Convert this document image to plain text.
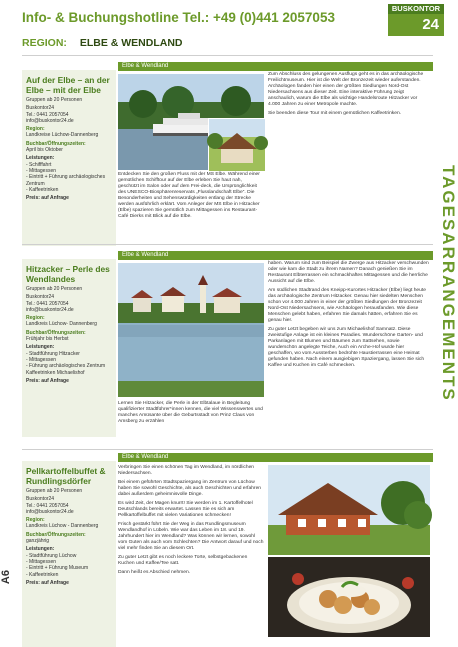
Info- & Buchungshotline Tel.: +49 (0)441 2057053
REGION: ELBE & WENDLAND
BUSKONTOR
24
TAGESARRANGEMENTS
A6
Auf der Elbe – an der Elbe – mit der Elbe
Gruppen ab 20 Personen
Buskontor24
Tel.: 0441 2057054
info@buskontor24.de
Region:
Landkreise Lüchow-Dannenberg
Buchbar/Öffnungszeiten:
April bis Oktober
Leistungen:
- Schifffahrt
- Mittagessen
- Eintritt + Führung archäologisches Zentrum
- Kaffeetrinken
Preis: auf Anfrage
Elbe & Wendland
Entdecken Sie den großen Fluss mit der MS Elbe. Während einer gemütlichen Schifftour auf der Elbe erleben Sie haut nah, geschützt im Salon oder auf dem Frei-deck, die Ursprünglichkeit des UNESCO-Biosphärenreservats „Flusslandschaft Elbe“. Die Besonderheiten und Sehenswürdigkeiten entlang der Strecke werden ausführlich erklärt. Vom Anleger der MS Elbe in Hitzacker (Elbe) spazieren Sie gemütlich zum Mittagessen ins Restaurant-Café Dierks mit Blick auf die Elbe.
Zum Abschluss des gelungenen Ausflugs geht es in das archäologische Freilichtmuseum. Hier ist die Welt der Bronzezeit wieder auferstanden. Archäologen fanden hier einen der größten Siedlungen Nord-Ost Niedersachsens aus dieser Zeit. Eine interaktive Führung zeigt anschaulich, warum die Elbe als wichtige Handelsroute Hitzacker vor 4.000 Jahren zu einer Metropole machte.
Sie beenden diese Tour mit einem gemütlichen Kaffeetrinken.
Hitzacker – Perle des Wendlandes
Gruppen ab 20 Personen
Buskontor24
Tel.: 0441 2057054
info@buskontor24.de
Region:
Landkreis Lüchow- Dannenberg
Buchbar/Öffnungszeiten:
Frühjahr bis Herbst
Leistungen:
- Stadtführung Hitzacker
- Mittagessen
- Führung archäologisches Zentrum
Kaffeetrinken Michaelishof
Preis: auf Anfrage
Elbe & Wendland
Lernen Sie Hitzacker, die Perle in der Elbtalaue in Begleitung qualifizierter Stadtführer*innen kennen, die viel Wissenswertes und manches Amüsante über die Geburtsstadt von Prinz Claus von Amsberg zu erzählen
haben. Warum sind zum Beispiel die Zwerge aus Hitzacker verschwunden oder wie kam die Stadt zu ihrem Namen? Danach genießen Sie im Restaurant Elbterrassen ein schmackhaftes Mittagessen und die herrliche Aussicht auf die Elbe.
Am südlichen Stadtrand des Kneipp-Kurortes Hitzacker (Elbe) liegt heute das archäologische Zentrum Hitzacker. Genau hier siedelten Menschen schon vor 4.000 Jahren in einer der größten Siedlungen der Bronzezeit Nord-Ost Niedersachsens, wie Archäologen herausfanden. Wie diese Menschen gelebt haben, erfahren Sie damals hätten, erfahren Sie es genau hier.
Zu guter Letzt begeben wir uns zum Michaelishof Samnatz. Diese zweistufige Anlage ist ein kleines Paradies. Wunderschöne Garten- und Parkanlagen mit Blumen und Bäumen zum Sattsehen, sowie wunderschön angelegte Teiche, Auch ein Arche-Hof wurde hier geschaffen, wo vom Aussterben bedrohte Haustierrassen eine Heimat gefunden haben. Nach einem ausgiebigen Spaziergang, lassen Sie sich Kaffee und Kuchen im Café schmecken.
Pellkartoffelbuffet & Rundlingsdörfer
Gruppen ab 20 Personen
Buskontor24
Tel.: 0441 2057054
info@buskontor24.de
Region:
Landkreis Lüchow - Dannenberg
Buchbar/Öffnungszeiten:
ganzjährig
Leistungen:
- Stadtführung Lüchow
- Mittagessen
- Eintritt + Führung Museum
- Kaffeetrinken
Preis: auf Anfrage
Elbe & Wendland
Verbringen Sie einen schönen Tag im Wendland, im nördlichen Niedersachsen.
Bei einem geführten Stadtspaziergang im Zentrum von Lüchow haben Sie sowohl Geschichte, als auch Geschichten und erfahren dabei außerdem geheimnisvolle Dinge.
Es wird Zeit, der Magen knurrt! Sie werden im 1. Kartoffelhotel Deutschlands bereits erwartet. Lassen Sie es sich am Pellkartoffelbuffet mit vielen Variationen schmecken!
Frisch gestärkt führt Sie der Weg in das Rundlingsmuseum Wendlandhof in Lübeln. Wie war das Leben im 18. und 19. Jahrhundert hier im Wendland? Was können wir lernen, sowohl vom Guten als auch vom Schlechten? Die Antwort darauf und noch viel mehr finden Sie an diesem Ort.
Zu guter Letzt gibt es noch leckere Torte, selbstgebackenen Kuchen und Kaffee/Tee satt.
Dann heißt es Abschied nehmen.
